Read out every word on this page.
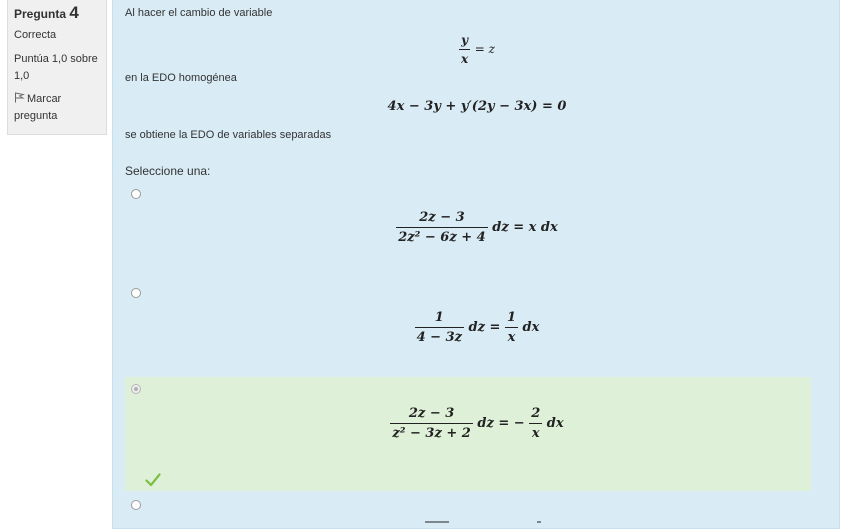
Pregunta 4
Correcta
Puntúa 1,0 sobre
1,0
Marcar
pregunta
Al hacer el cambio de variable
$\frac{y}{x} = z$
en la EDO homogénea
4x − 3y + y′(2y − 3x) = 0
se obtiene la EDO de variables separadas
Seleccione una:
$\frac{2z - 3}{\text{2z² − 6z + 4}}$ dz = x dx
$\frac{1}{4 - 3z}$ dz = $\frac{1}{x}$ dx
$\frac{2z - 3}{\text{z² − 3z + 2}}$ dz = − $\frac{2}{x}$ dx
